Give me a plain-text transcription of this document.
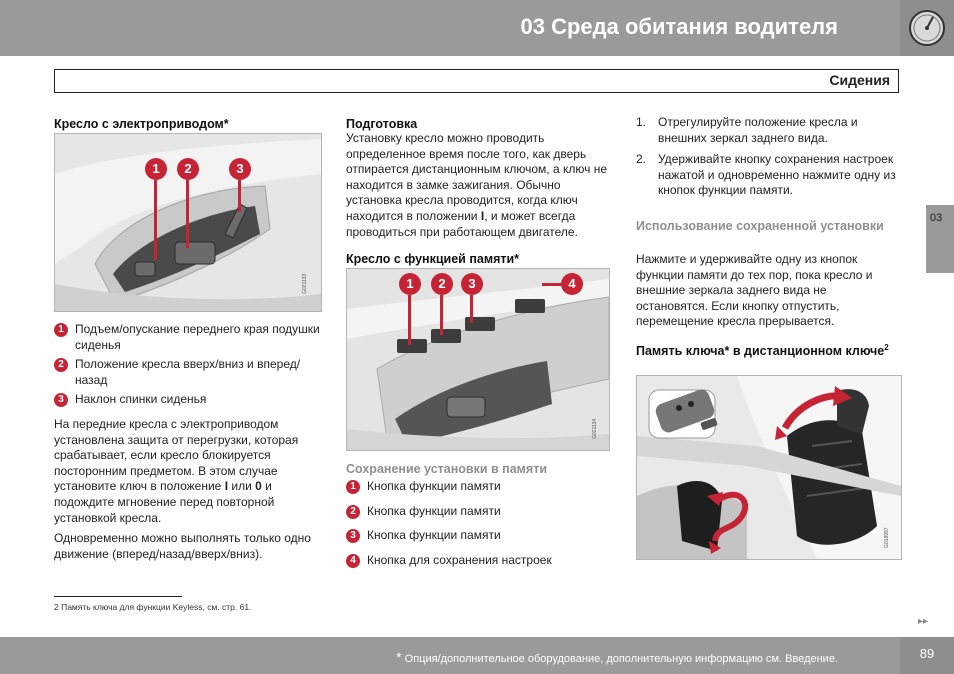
03 Среда обитания водителя
Сидения
03
Кресло с электроприводом*
1	2	3
G021133
1 Подъем/опускание переднего края подушки сиденья
2 Положение кресла вверх/вниз и вперед/назад
3 Наклон спинки сиденья
На передние кресла с электроприводом установлена защита от перегрузки, которая срабатывает, если кресло блокируется посторонним предметом. В этом случае установите ключ в положение I или 0 и подождите мгновение перед повторной установкой кресла.
Одновременно можно выполнять только одно движение (вперед/назад/вверх/вниз).
2 Память ключа для функции Keyless, см. стр. 61.
Подготовка
Установку кресло можно проводить определенное время после того, как дверь отпирается дистанционным ключом, а ключ не находится в замке зажигания. Обычно установка кресла проводится, когда ключ находится в положении I, и может всегда проводиться при работающем двигателе.
Кресло с функцией памяти*
1	2	3	4
G021134
Сохранение установки в памяти
1 Кнопка функции памяти
2 Кнопка функции памяти
3 Кнопка функции памяти
4 Кнопка для сохранения настроек
1. Отрегулируйте положение кресла и внешних зеркал заднего вида.
2. Удерживайте кнопку сохранения настроек нажатой и одновременно нажмите одну из кнопок функции памяти.
Использование сохраненной установки
Нажмите и удерживайте одну из кнопок функции памяти до тех пор, пока кресло и внешние зеркала заднего вида не остановятся. Если кнопку отпустить, перемещение кресла прерывается.
Память ключа* в дистанционном ключе$^2$
G018997
▸▸
* Опция/дополнительное оборудование, дополнительную информацию см. Введение.	89
